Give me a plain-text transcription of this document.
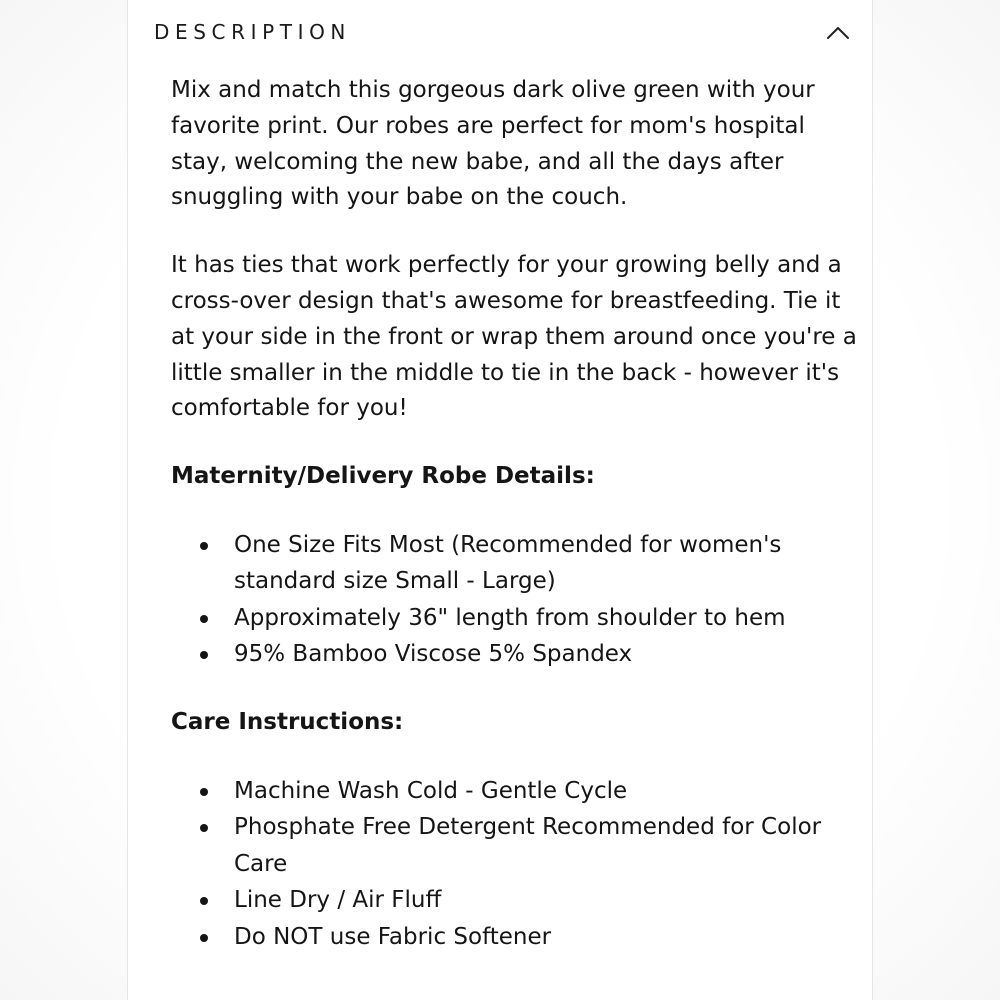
DESCRIPTION

Mix and match this gorgeous dark olive green with your favorite print. Our robes are perfect for mom's hospital stay, welcoming the new babe, and all the days after snuggling with your babe on the couch.

It has ties that work perfectly for your growing belly and a cross-over design that's awesome for breastfeeding. Tie it at your side in the front or wrap them around once you're a little smaller in the middle to tie in the back - however it's comfortable for you!

Maternity/Delivery Robe Details:
One Size Fits Most (Recommended for women's standard size Small - Large)
Approximately 36" length from shoulder to hem
95% Bamboo Viscose 5% Spandex
Care Instructions:
Machine Wash Cold - Gentle Cycle
Phosphate Free Detergent Recommended for Color Care
Line Dry / Air Fluff
Do NOT use Fabric Softener
